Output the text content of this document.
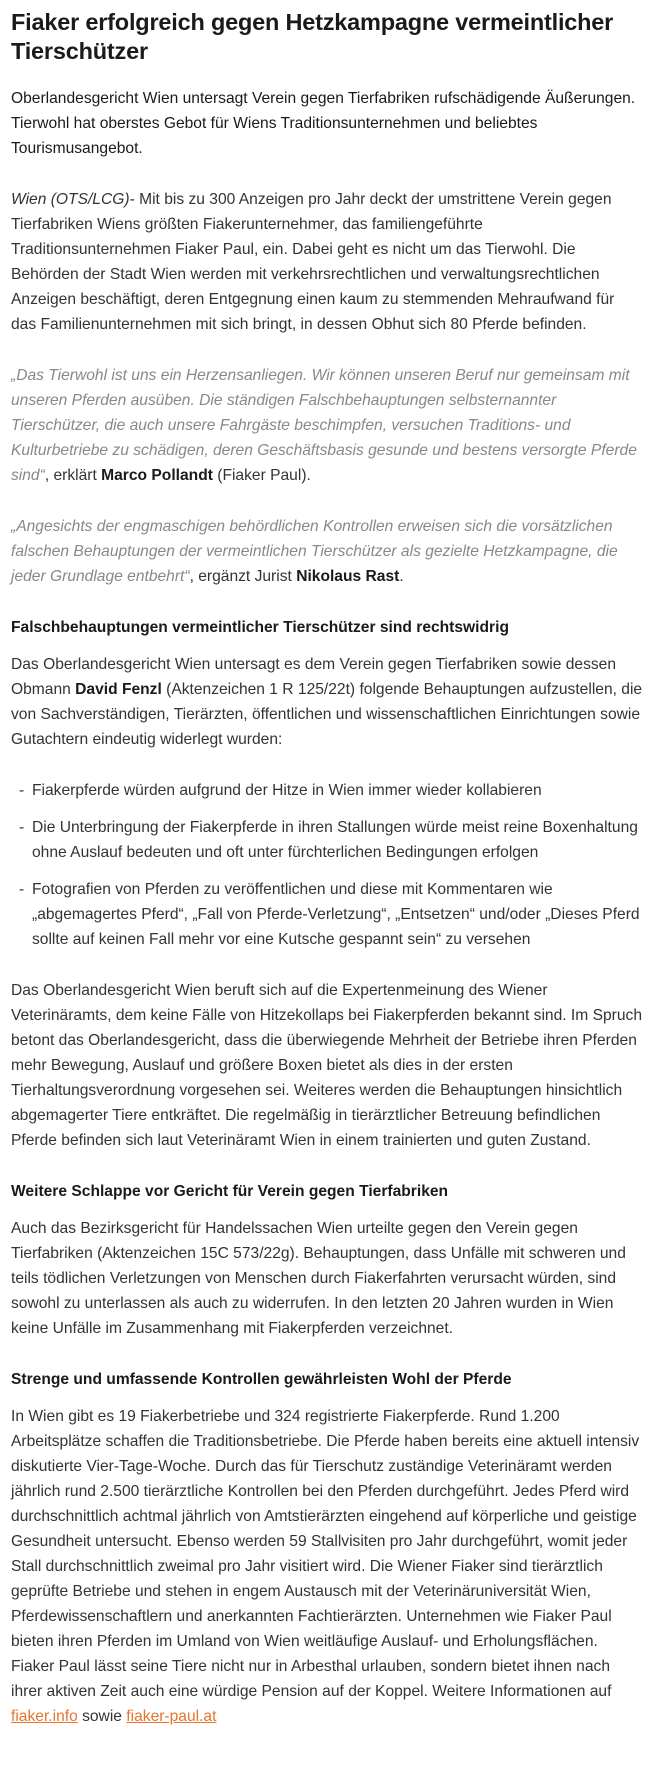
Fiaker erfolgreich gegen Hetzkampagne vermeintlicher Tierschützer
Oberlandesgericht Wien untersagt Verein gegen Tierfabriken rufschädigende Äußerungen. Tierwohl hat oberstes Gebot für Wiens Traditionsunternehmen und beliebtes Tourismusangebot.

Wien (OTS/LCG)- Mit bis zu 300 Anzeigen pro Jahr deckt der umstrittene Verein gegen Tierfabriken Wiens größten Fiakerunternehmer, das familiengeführte Traditionsunternehmen Fiaker Paul, ein. Dabei geht es nicht um das Tierwohl. Die Behörden der Stadt Wien werden mit verkehrsrechtlichen und verwaltungsrechtlichen Anzeigen beschäftigt, deren Entgegnung einen kaum zu stemmenden Mehraufwand für das Familienunternehmen mit sich bringt, in dessen Obhut sich 80 Pferde befinden.

„Das Tierwohl ist uns ein Herzensanliegen. Wir können unseren Beruf nur gemeinsam mit unseren Pferden ausüben. Die ständigen Falschbehauptungen selbsternannter Tierschützer, die auch unsere Fahrgäste beschimpfen, versuchen Traditions- und Kulturbetriebe zu schädigen, deren Geschäftsbasis gesunde und bestens versorgte Pferde sind“, erklärt Marco Pollandt (Fiaker Paul).

„Angesichts der engmaschigen behördlichen Kontrollen erweisen sich die vorsätzlichen falschen Behauptungen der vermeintlichen Tierschützer als gezielte Hetzkampagne, die jeder Grundlage entbehrt“, ergänzt Jurist Nikolaus Rast.

Falschbehauptungen vermeintlicher Tierschützer sind rechtswidrig

Das Oberlandesgericht Wien untersagt es dem Verein gegen Tierfabriken sowie dessen Obmann David Fenzl (Aktenzeichen 1 R 125/22t) folgende Behauptungen aufzustellen, die von Sachverständigen, Tierärzten, öffentlichen und wissenschaftlichen Einrichtungen sowie Gutachtern eindeutig widerlegt wurden:

- Fiakerpferde würden aufgrund der Hitze in Wien immer wieder kollabieren
- Die Unterbringung der Fiakerpferde in ihren Stallungen würde meist reine Boxenhaltung ohne Auslauf bedeuten und oft unter fürchterlichen Bedingungen erfolgen
- Fotografien von Pferden zu veröffentlichen und diese mit Kommentaren wie „abgemagertes Pferd“, „Fall von Pferde-Verletzung“, „Entsetzen“ und/oder „Dieses Pferd sollte auf keinen Fall mehr vor eine Kutsche gespannt sein“ zu versehen

Das Oberlandesgericht Wien beruft sich auf die Expertenmeinung des Wiener Veterinäramts, dem keine Fälle von Hitzekollaps bei Fiakerpferden bekannt sind. Im Spruch betont das Oberlandesgericht, dass die überwiegende Mehrheit der Betriebe ihren Pferden mehr Bewegung, Auslauf und größere Boxen bietet als dies in der ersten Tierhaltungsverordnung vorgesehen sei. Weiteres werden die Behauptungen hinsichtlich abgemagerter Tiere entkräftet. Die regelmäßig in tierärztlicher Betreuung befindlichen Pferde befinden sich laut Veterinäramt Wien in einem trainierten und guten Zustand.

Weitere Schlappe vor Gericht für Verein gegen Tierfabriken

Auch das Bezirksgericht für Handelssachen Wien urteilte gegen den Verein gegen Tierfabriken (Aktenzeichen 15C 573/22g). Behauptungen, dass Unfälle mit schweren und teils tödlichen Verletzungen von Menschen durch Fiakerfahrten verursacht würden, sind sowohl zu unterlassen als auch zu widerrufen. In den letzten 20 Jahren wurden in Wien keine Unfälle im Zusammenhang mit Fiakerpferden verzeichnet.

Strenge und umfassende Kontrollen gewährleisten Wohl der Pferde

In Wien gibt es 19 Fiakerbetriebe und 324 registrierte Fiakerpferde. Rund 1.200 Arbeitsplätze schaffen die Traditionsbetriebe. Die Pferde haben bereits eine aktuell intensiv diskutierte Vier-Tage-Woche. Durch das für Tierschutz zuständige Veterinäramt werden jährlich rund 2.500 tierärztliche Kontrollen bei den Pferden durchgeführt. Jedes Pferd wird durchschnittlich achtmal jährlich von Amtstierärzten eingehend auf körperliche und geistige Gesundheit untersucht. Ebenso werden 59 Stallvisiten pro Jahr durchgeführt, womit jeder Stall durchschnittlich zweimal pro Jahr visitiert wird. Die Wiener Fiaker sind tierärztlich geprüfte Betriebe und stehen in engem Austausch mit der Veterinäruniversität Wien, Pferdewissenschaftlern und anerkannten Fachtierärzten. Unternehmen wie Fiaker Paul bieten ihren Pferden im Umland von Wien weitläufige Auslauf- und Erholungsflächen. Fiaker Paul lässt seine Tiere nicht nur in Arbesthal urlauben, sondern bietet ihnen nach ihrer aktiven Zeit auch eine würdige Pension auf der Koppel. Weitere Informationen auf fiaker.info sowie fiaker-paul.at
